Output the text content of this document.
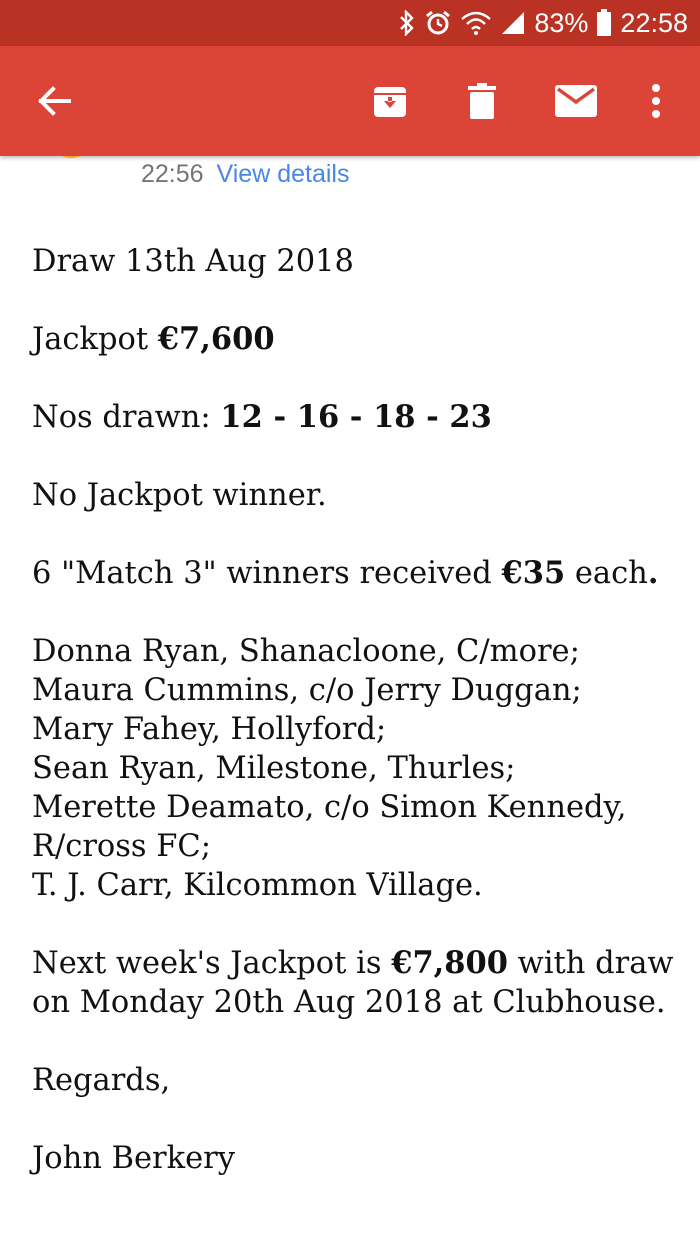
83% 22:58
22:56 View details

Draw 13th Aug 2018

Jackpot €7,600

Nos drawn: 12 - 16 - 18 - 23

No Jackpot winner.

6 "Match 3" winners received €35 each.

Donna Ryan, Shanacloone, C/more;
Maura Cummins, c/o Jerry Duggan;
Mary Fahey, Hollyford;
Sean Ryan, Milestone, Thurles;
Merette Deamato, c/o Simon Kennedy,
R/cross FC;
T. J. Carr, Kilcommon Village.

Next week's Jackpot is €7,800 with draw
on Monday 20th Aug 2018 at Clubhouse.

Regards,

John Berkery
